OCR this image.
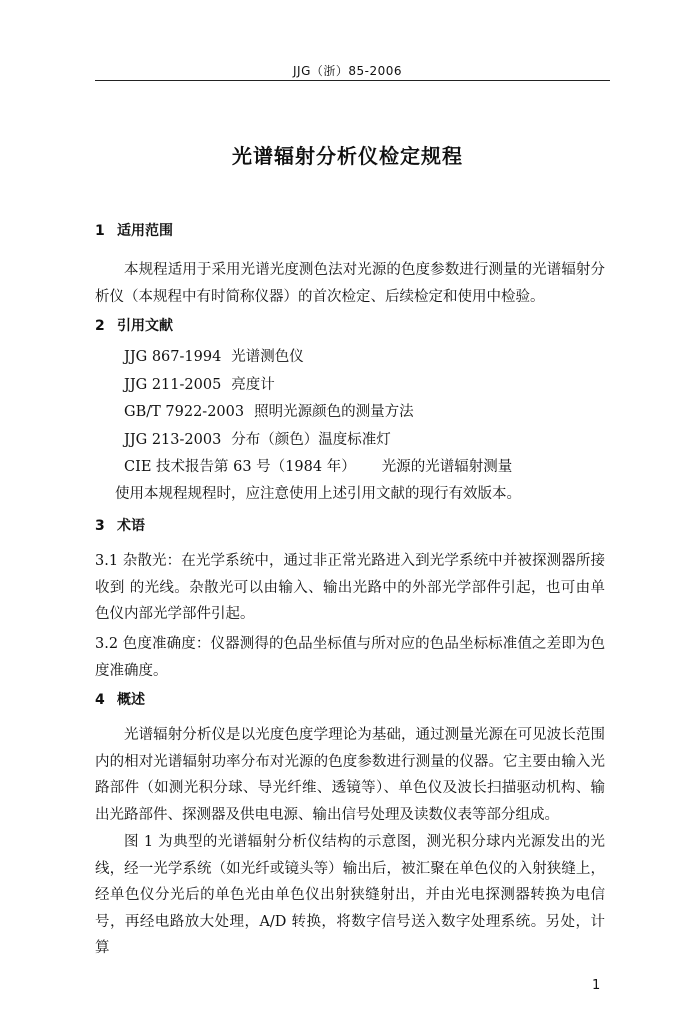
JJG（浙）85-2006
光谱辐射分析仪检定规程
1 适用范围
本规程适用于采用光谱光度测色法对光源的色度参数进行测量的光谱辐射分析仪（本规程中有时简称仪器）的首次检定、后续检定和使用中检验。
2 引用文献
JJG 867-1994 光谱测色仪
JJG 211-2005 亮度计
GB/T 7922-2003 照明光源颜色的测量方法
JJG 213-2003 分布（颜色）温度标准灯
CIE 技术报告第 63 号（1984 年） 光源的光谱辐射测量
使用本规程规程时，应注意使用上述引用文献的现行有效版本。
3 术语
3.1 杂散光：在光学系统中，通过非正常光路进入到光学系统中并被探测器所接收到 的光线。杂散光可以由输入、输出光路中的外部光学部件引起，也可由单色仪内部光学部件引起。
3.2 色度准确度：仪器测得的色品坐标值与所对应的色品坐标标准值之差即为色度准确度。
4 概述
光谱辐射分析仪是以光度色度学理论为基础，通过测量光源在可见波长范围内的相对光谱辐射功率分布对光源的色度参数进行测量的仪器。它主要由输入光路部件（如测光积分球、导光纤维、透镜等）、单色仪及波长扫描驱动机构、输出光路部件、探测器及供电电源、输出信号处理及读数仪表等部分组成。
图 1 为典型的光谱辐射分析仪结构的示意图，测光积分球内光源发出的光线，经一光学系统（如光纤或镜头等）输出后，被汇聚在单色仪的入射狭缝上，经单色仪分光后的单色光由单色仪出射狭缝射出，并由光电探测器转换为电信号，再经电路放大处理，A/D 转换，将数字信号送入数字处理系统。另处，计算
1
